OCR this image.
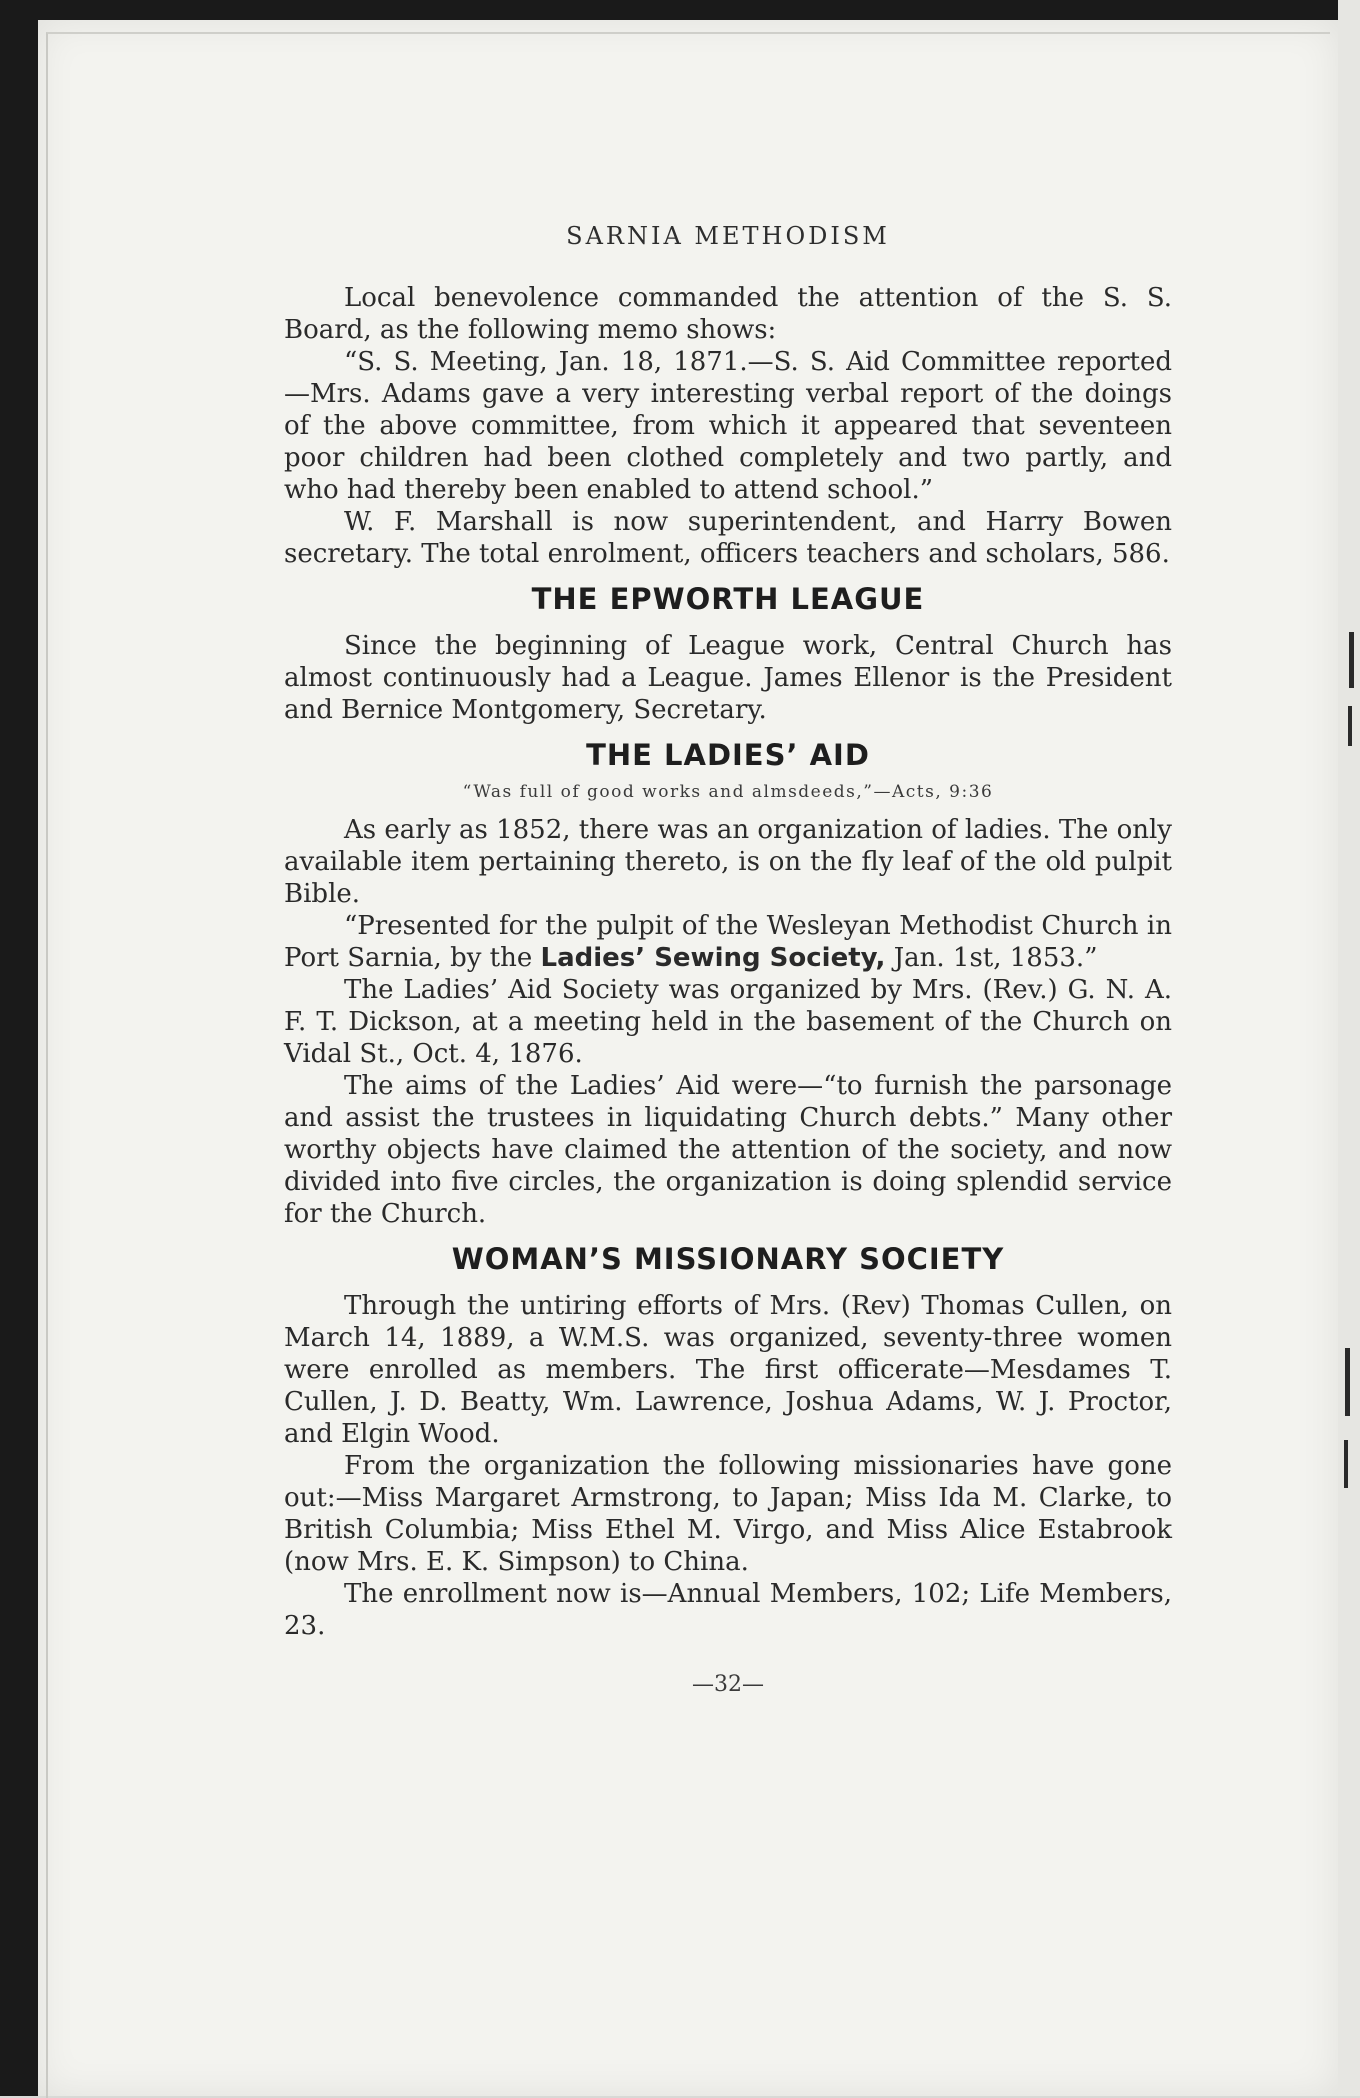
SARNIA METHODISM

Local benevolence commanded the attention of the S. S. Board, as the following memo shows:

“S. S. Meeting, Jan. 18, 1871.—S. S. Aid Committee reported—Mrs. Adams gave a very interesting verbal report of the doings of the above committee, from which it appeared that seventeen poor children had been clothed completely and two partly, and who had thereby been enabled to attend school.”

W. F. Marshall is now superintendent, and Harry Bowen secretary. The total enrolment, officers teachers and scholars, 586.

THE EPWORTH LEAGUE

Since the beginning of League work, Central Church has almost continuously had a League. James Ellenor is the President and Bernice Montgomery, Secretary.

THE LADIES’ AID
“Was full of good works and almsdeeds,”—Acts, 9:36

As early as 1852, there was an organization of ladies. The only available item pertaining thereto, is on the fly leaf of the old pulpit Bible.

“Presented for the pulpit of the Wesleyan Methodist Church in Port Sarnia, by the Ladies’ Sewing Society, Jan. 1st, 1853.”

The Ladies’ Aid Society was organized by Mrs. (Rev.) G. N. A. F. T. Dickson, at a meeting held in the basement of the Church on Vidal St., Oct. 4, 1876.

The aims of the Ladies’ Aid were—“to furnish the parsonage and assist the trustees in liquidating Church debts.” Many other worthy objects have claimed the attention of the society, and now divided into five circles, the organization is doing splendid service for the Church.

WOMAN’S MISSIONARY SOCIETY

Through the untiring efforts of Mrs. (Rev) Thomas Cullen, on March 14, 1889, a W.M.S. was organized, seventy-three women were enrolled as members. The first officerate—Mesdames T. Cullen, J. D. Beatty, Wm. Lawrence, Joshua Adams, W. J. Proctor, and Elgin Wood.

From the organization the following missionaries have gone out:—Miss Margaret Armstrong, to Japan; Miss Ida M. Clarke, to British Columbia; Miss Ethel M. Virgo, and Miss Alice Estabrook (now Mrs. E. K. Simpson) to China.

The enrollment now is—Annual Members, 102; Life Members, 23.

—32—
